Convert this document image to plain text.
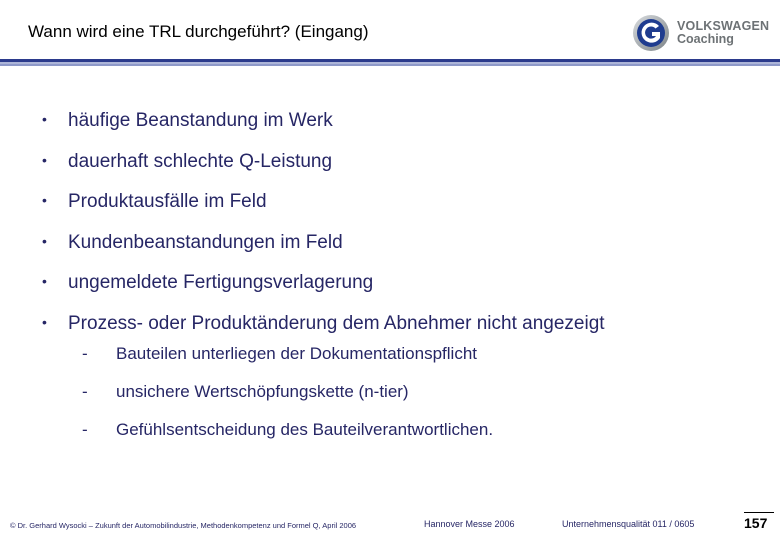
Wann wird eine TRL durchgeführt? (Eingang)	VOLKSWAGEN
Coaching
• häufige Beanstandung im Werk
• dauerhaft schlechte Q-Leistung
• Produktausfälle im Feld
• Kundenbeanstandungen im Feld
• ungemeldete Fertigungsverlagerung
• Prozess- oder Produktänderung dem Abnehmer nicht angezeigt
- Bauteilen unterliegen der Dokumentationspflicht
- unsichere Wertschöpfungskette (n-tier)
- Gefühlsentscheidung des Bauteilverantwortlichen.
© Dr. Gerhard Wysocki – Zukunft der Automobilindustrie, Methodenkompetenz und Formel Q, April 2006	Hannover Messe 2006	Unternehmensqualität 011 / 0605	157
